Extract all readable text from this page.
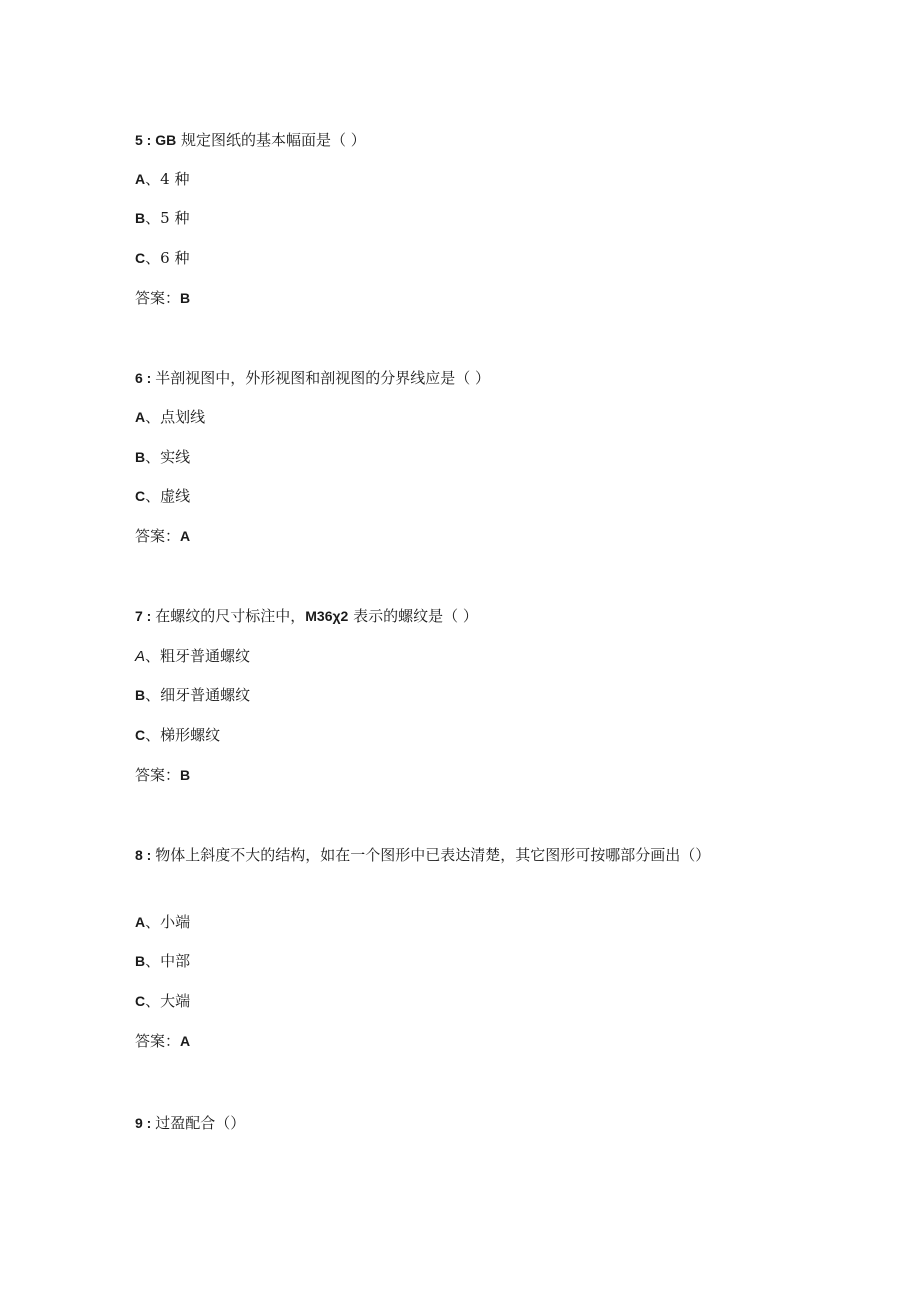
5 : GB 规定图纸的基本幅面是（ ）
A、4 种
B、5 种
C、6 种
答案：B
6 : 半剖视图中，外形视图和剖视图的分界线应是（ ）
A、点划线
B、实线
C、虚线
答案：A
7 : 在螺纹的尺寸标注中，M36χ2 表示的螺纹是（ ）
A、粗牙普通螺纹
B、细牙普通螺纹
C、梯形螺纹
答案：B
8 : 物体上斜度不大的结构，如在一个图形中已表达清楚，其它图形可按哪部分画出（）
A、小端
B、中部
C、大端
答案：A
9 : 过盈配合（）
